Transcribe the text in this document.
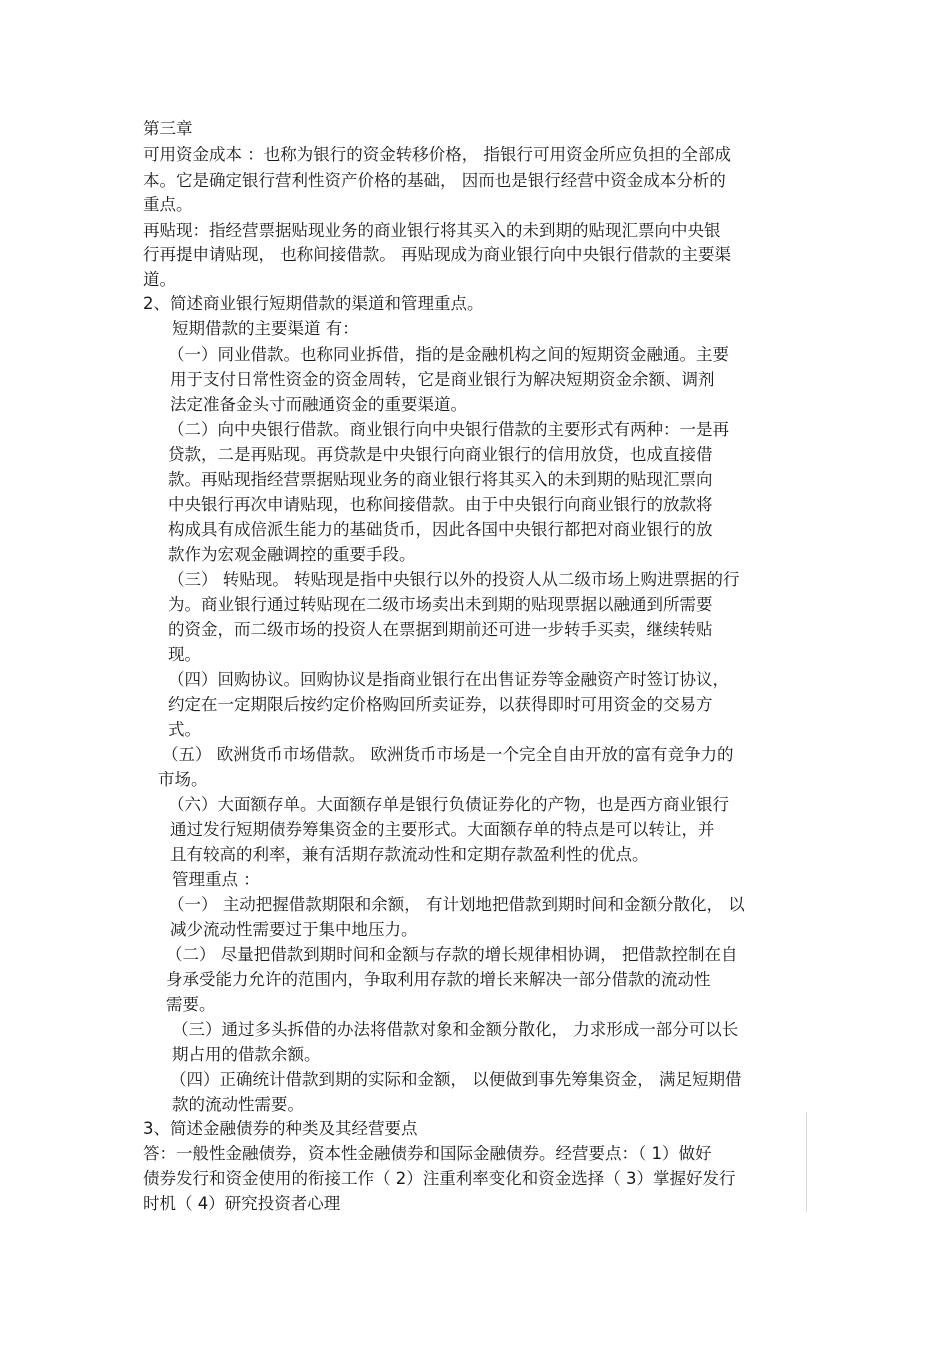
第三章
可用资金成本 ：也称为银行的资金转移价格， 指银行可用资金所应负担的全部成
本。它是确定银行营利性资产价格的基础， 因而也是银行经营中资金成本分析的
重点。
再贴现：指经营票据贴现业务的商业银行将其买入的未到期的贴现汇票向中央银
行再提申请贴现， 也称间接借款。 再贴现成为商业银行向中央银行借款的主要渠
道。
2、简述商业银行短期借款的渠道和管理重点。
短期借款的主要渠道 有：
（一）同业借款。也称同业拆借，指的是金融机构之间的短期资金融通。主要
用于支付日常性资金的资金周转，它是商业银行为解决短期资金余额、调剂
法定准备金头寸而融通资金的重要渠道。
（二）向中央银行借款。商业银行向中央银行借款的主要形式有两种：一是再
贷款，二是再贴现。再贷款是中央银行向商业银行的信用放贷，也成直接借
款。再贴现指经营票据贴现业务的商业银行将其买入的未到期的贴现汇票向
中央银行再次申请贴现，也称间接借款。由于中央银行向商业银行的放款将
构成具有成倍派生能力的基础货币，因此各国中央银行都把对商业银行的放
款作为宏观金融调控的重要手段。
（三） 转贴现。 转贴现是指中央银行以外的投资人从二级市场上购进票据的行
为。商业银行通过转贴现在二级市场卖出未到期的贴现票据以融通到所需要
的资金，而二级市场的投资人在票据到期前还可进一步转手买卖，继续转贴
现。
（四）回购协议。回购协议是指商业银行在出售证券等金融资产时签订协议，
约定在一定期限后按约定价格购回所卖证券，以获得即时可用资金的交易方
式。
（五） 欧洲货币市场借款。 欧洲货币市场是一个完全自由开放的富有竞争力的
市场。
（六）大面额存单。大面额存单是银行负债证券化的产物，也是西方商业银行
通过发行短期债券筹集资金的主要形式。大面额存单的特点是可以转让，并
且有较高的利率，兼有活期存款流动性和定期存款盈利性的优点。
管理重点 ：
（一） 主动把握借款期限和余额， 有计划地把借款到期时间和金额分散化， 以
减少流动性需要过于集中地压力。
（二） 尽量把借款到期时间和金额与存款的增长规律相协调， 把借款控制在自
身承受能力允许的范围内，争取利用存款的增长来解决一部分借款的流动性
需要。
（三）通过多头拆借的办法将借款对象和金额分散化， 力求形成一部分可以长
期占用的借款余额。
（四）正确统计借款到期的实际和金额， 以便做到事先筹集资金， 满足短期借
款的流动性需要。
3、简述金融债券的种类及其经营要点
答：一般性金融债券，资本性金融债券和国际金融债券。经营要点：（ 1）做好
债券发行和资金使用的衔接工作（ 2）注重利率变化和资金选择（ 3）掌握好发行
时机（ 4）研究投资者心理
